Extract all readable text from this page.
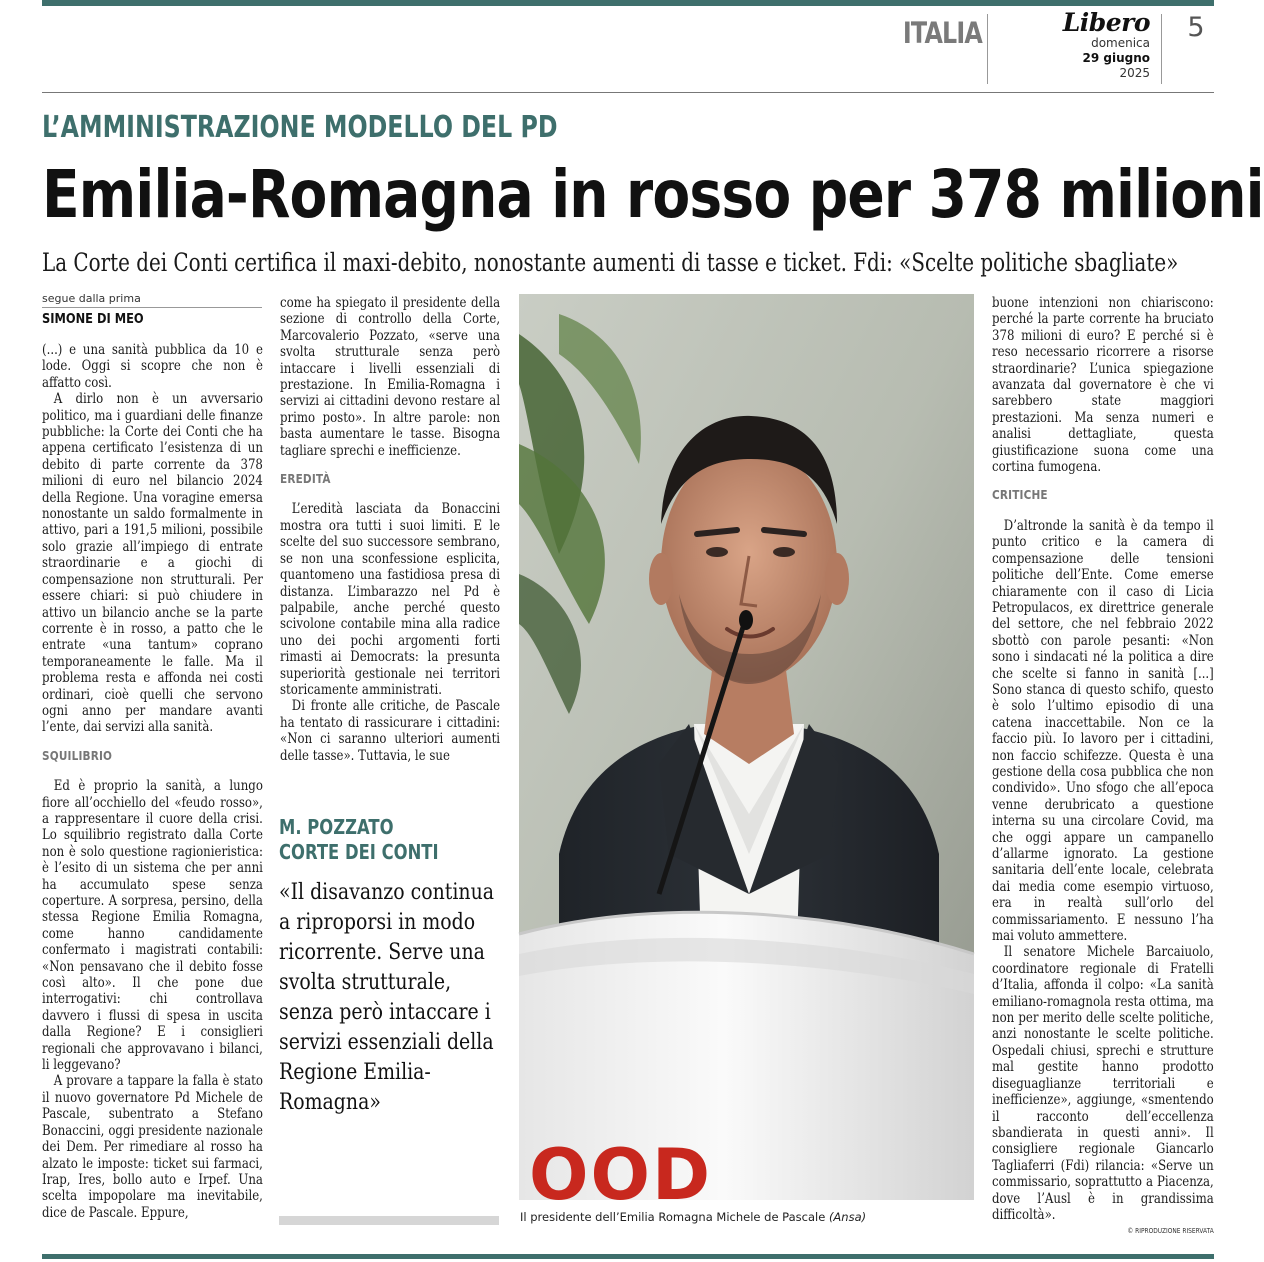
ITALIA	Libero
domenica
29 giugno
2025
5
L’AMMINISTRAZIONE MODELLO DEL PD
Emilia-Romagna in rosso per 378 milioni
La Corte dei Conti certifica il maxi-debito, nonostante aumenti di tasse e ticket. Fdi: «Scelte politiche sbagliate»
segue dalla prima
SIMONE DI MEO

(...) e una sanità pubblica da 10 e lode. Oggi si scopre che non è affatto così.

A dirlo non è un avversario politico, ma i guardiani delle finanze pubbliche: la Corte dei Conti che ha appena certificato l’esistenza di un debito di parte corrente da 378 milioni di euro nel bilancio 2024 della Regione. Una voragine emersa nonostante un saldo formalmente in attivo, pari a 191,5 milioni, possibile solo grazie all’impiego di entrate straordinarie e a giochi di compensazione non strutturali. Per essere chiari: si può chiudere in attivo un bilancio anche se la parte corrente è in rosso, a patto che le entrate «una tantum» coprano temporaneamente le falle. Ma il problema resta e affonda nei costi ordinari, cioè quelli che servono ogni anno per mandare avanti l’ente, dai servizi alla sanità.

SQUILIBRIO

Ed è proprio la sanità, a lungo fiore all’occhiello del «feudo rosso», a rappresentare il cuore della crisi. Lo squilibrio registrato dalla Corte non è solo questione ragionieristica: è l’esito di un sistema che per anni ha accumulato spese senza coperture. A sorpresa, persino, della stessa Regione Emilia Romagna, come hanno candidamente confermato i magistrati contabili: «Non pensavano che il debito fosse così alto». Il che pone due interrogativi: chi controllava davvero i flussi di spesa in uscita dalla Regione? E i consiglieri regionali che approvavano i bilanci, li leggevano?

A provare a tappare la falla è stato il nuovo governatore Pd Michele de Pascale, subentrato a Stefano Bonaccini, oggi presidente nazionale dei Dem. Per rimediare al rosso ha alzato le imposte: ticket sui farmaci, Irap, Ires, bollo auto e Irpef. Una scelta impopolare ma inevitabile, dice de Pascale. Eppure,

come ha spiegato il presidente della sezione di controllo della Corte, Marcovalerio Pozzato, «serve una svolta strutturale senza però intaccare i livelli essenziali di prestazione. In Emilia-Romagna i servizi ai cittadini devono restare al primo posto». In altre parole: non basta aumentare le tasse. Bisogna tagliare sprechi e inefficienze.

EREDITÀ

L’eredità lasciata da Bonaccini mostra ora tutti i suoi limiti. E le scelte del suo successore sembrano, se non una sconfessione esplicita, quantomeno una fastidiosa presa di distanza. L’imbarazzo nel Pd è palpabile, anche perché questo scivolone contabile mina alla radice uno dei pochi argomenti forti rimasti ai Democrats: la presunta superiorità gestionale nei territori storicamente amministrati.

Di fronte alle critiche, de Pascale ha tentato di rassicurare i cittadini: «Non ci saranno ulteriori aumenti delle tasse». Tuttavia, le sue

M. POZZATO
CORTE DEI CONTI
«Il disavanzo continua a riproporsi in modo ricorrente. Serve una svolta strutturale, senza però intaccare i servizi essenziali della Regione Emilia-Romagna»
OOD
Il presidente dell’Emilia Romagna Michele de Pascale (Ansa)

buone intenzioni non chiariscono: perché la parte corrente ha bruciato 378 milioni di euro? E perché si è reso necessario ricorrere a risorse straordinarie? L’unica spiegazione avanzata dal governatore è che vi sarebbero state maggiori prestazioni. Ma senza numeri e analisi dettagliate, questa giustificazione suona come una cortina fumogena.

CRITICHE

D’altronde la sanità è da tempo il punto critico e la camera di compensazione delle tensioni politiche dell’Ente. Come emerse chiaramente con il caso di Licia Petropulacos, ex direttrice generale del settore, che nel febbraio 2022 sbottò con parole pesanti: «Non sono i sindacati né la politica a dire che scelte si fanno in sanità [...] Sono stanca di questo schifo, questo è solo l’ultimo episodio di una catena inaccettabile. Non ce la faccio più. Io lavoro per i cittadini, non faccio schifezze. Questa è una gestione della cosa pubblica che non condivido». Uno sfogo che all’epoca venne derubricato a questione interna su una circolare Covid, ma che oggi appare un campanello d’allarme ignorato. La gestione sanitaria dell’ente locale, celebrata dai media come esempio virtuoso, era in realtà sull’orlo del commissariamento. E nessuno l’ha mai voluto ammettere.

Il senatore Michele Barcaiuolo, coordinatore regionale di Fratelli d’Italia, affonda il colpo: «La sanità emiliano-romagnola resta ottima, ma non per merito delle scelte politiche, anzi nonostante le scelte politiche. Ospedali chiusi, sprechi e strutture mal gestite hanno prodotto diseguaglianze territoriali e inefficienze», aggiunge, «smentendo il racconto dell’eccellenza sbandierata in questi anni». Il consigliere regionale Giancarlo Tagliaferri (Fdi) rilancia: «Serve un commissario, soprattutto a Piacenza, dove l’Ausl è in grandissima difficoltà».

© RIPRODUZIONE RISERVATA
